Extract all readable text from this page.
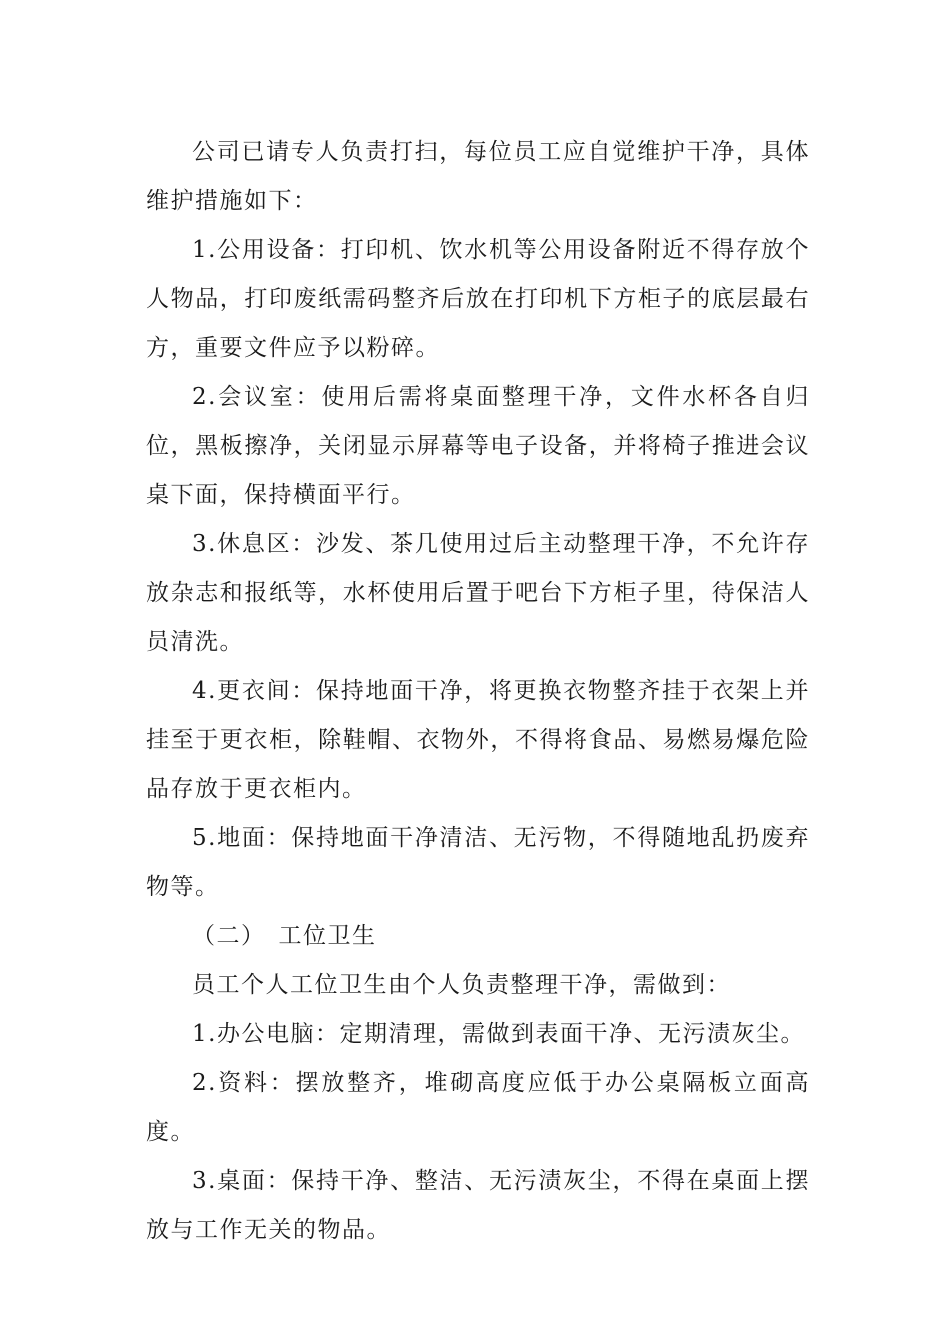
公司已请专人负责打扫，每位员工应自觉维护干净，具体维护措施如下：

1.公用设备：打印机、饮水机等公用设备附近不得存放个人物品，打印废纸需码整齐后放在打印机下方柜子的底层最右方，重要文件应予以粉碎。

2.会议室：使用后需将桌面整理干净，文件水杯各自归位，黑板擦净，关闭显示屏幕等电子设备，并将椅子推进会议桌下面，保持横面平行。

3.休息区：沙发、茶几使用过后主动整理干净，不允许存放杂志和报纸等，水杯使用后置于吧台下方柜子里，待保洁人员清洗。

4.更衣间：保持地面干净，将更换衣物整齐挂于衣架上并挂至于更衣柜，除鞋帽、衣物外，不得将食品、易燃易爆危险品存放于更衣柜内。

5.地面：保持地面干净清洁、无污物，不得随地乱扔废弃物等。

（二）　工位卫生

员工个人工位卫生由个人负责整理干净，需做到：

1.办公电脑：定期清理，需做到表面干净、无污渍灰尘。

2.资料：摆放整齐，堆砌高度应低于办公桌隔板立面高度。

3.桌面：保持干净、整洁、无污渍灰尘，不得在桌面上摆放与工作无关的物品。
